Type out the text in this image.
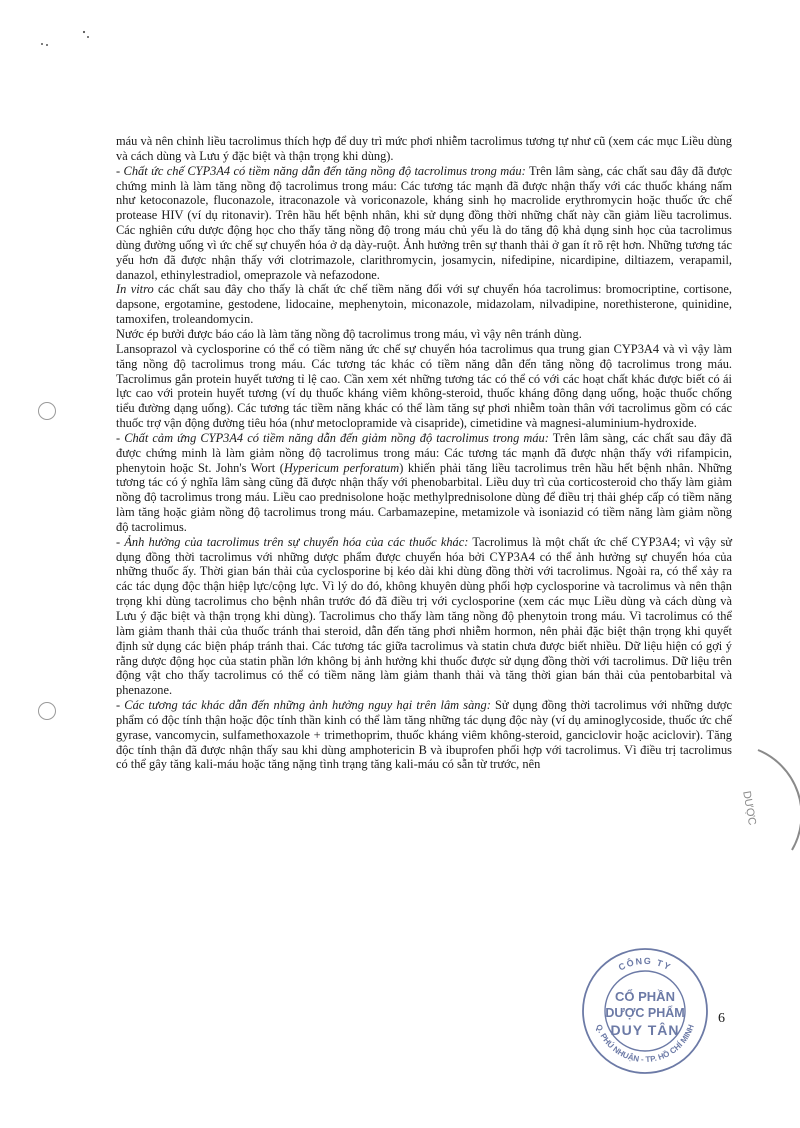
máu và nên chỉnh liều tacrolimus thích hợp để duy trì mức phơi nhiễm tacrolimus tương tự như cũ (xem các mục Liều dùng và cách dùng và Lưu ý đặc biệt và thận trọng khi dùng).

- Chất ức chế CYP3A4 có tiềm năng dẫn đến tăng nồng độ tacrolimus trong máu: Trên lâm sàng, các chất sau đây đã được chứng minh là làm tăng nồng độ tacrolimus trong máu: Các tương tác mạnh đã được nhận thấy với các thuốc kháng nấm như ketoconazole, fluconazole, itraconazole và voriconazole, kháng sinh họ macrolide erythromycin hoặc thuốc ức chế protease HIV (ví dụ ritonavir). Trên hầu hết bệnh nhân, khi sử dụng đồng thời những chất này cần giảm liều tacrolimus. Các nghiên cứu dược động học cho thấy tăng nồng độ trong máu chủ yếu là do tăng độ khả dụng sinh học của tacrolimus dùng đường uống vì ức chế sự chuyển hóa ở dạ dày-ruột. Ảnh hưởng trên sự thanh thải ở gan ít rõ rệt hơn. Những tương tác yếu hơn đã được nhận thấy với clotrimazole, clarithromycin, josamycin, nifedipine, nicardipine, diltiazem, verapamil, danazol, ethinylestradiol, omeprazole và nefazodone.

In vitro các chất sau đây cho thấy là chất ức chế tiềm năng đối với sự chuyển hóa tacrolimus: bromocriptine, cortisone, dapsone, ergotamine, gestodene, lidocaine, mephenytoin, miconazole, midazolam, nilvadipine, norethisterone, quinidine, tamoxifen, troleandomycin.

Nước ép bưởi được báo cáo là làm tăng nồng độ tacrolimus trong máu, vì vậy nên tránh dùng.

Lansoprazol và cyclosporine có thể có tiềm năng ức chế sự chuyển hóa tacrolimus qua trung gian CYP3A4 và vì vậy làm tăng nồng độ tacrolimus trong máu. Các tương tác khác có tiềm năng dẫn đến tăng nồng độ tacrolimus trong máu. Tacrolimus gắn protein huyết tương tỉ lệ cao. Cần xem xét những tương tác có thể có với các hoạt chất khác được biết có ái lực cao với protein huyết tương (ví dụ thuốc kháng viêm không-steroid, thuốc kháng đông dạng uống, hoặc thuốc chống tiểu đường dạng uống). Các tương tác tiềm năng khác có thể làm tăng sự phơi nhiễm toàn thân với tacrolimus gồm có các thuốc trợ vận động đường tiêu hóa (như metoclopramide và cisapride), cimetidine và magnesi-aluminium-hydroxide.

- Chất cảm ứng CYP3A4 có tiềm năng dẫn đến giảm nồng độ tacrolimus trong máu: Trên lâm sàng, các chất sau đây đã được chứng minh là làm giảm nồng độ tacrolimus trong máu: Các tương tác mạnh đã được nhận thấy với rifampicin, phenytoin hoặc St. John's Wort (Hypericum perforatum) khiến phải tăng liều tacrolimus trên hầu hết bệnh nhân. Những tương tác có ý nghĩa lâm sàng cũng đã được nhận thấy với phenobarbital. Liều duy trì của corticosteroid cho thấy làm giảm nồng độ tacrolimus trong máu. Liều cao prednisolone hoặc methylprednisolone dùng để điều trị thải ghép cấp có tiềm năng làm tăng hoặc giảm nồng độ tacrolimus trong máu. Carbamazepine, metamizole và isoniazid có tiềm năng làm giảm nồng độ tacrolimus.

- Ảnh hưởng của tacrolimus trên sự chuyển hóa của các thuốc khác: Tacrolimus là một chất ức chế CYP3A4; vì vậy sử dụng đồng thời tacrolimus với những dược phẩm được chuyển hóa bởi CYP3A4 có thể ảnh hưởng sự chuyển hóa của những thuốc ấy. Thời gian bán thải của cyclosporine bị kéo dài khi dùng đồng thời với tacrolimus. Ngoài ra, có thể xảy ra các tác dụng độc thận hiệp lực/cộng lực. Vì lý do đó, không khuyên dùng phối hợp cyclosporine và tacrolimus và nên thận trọng khi dùng tacrolimus cho bệnh nhân trước đó đã điều trị với cyclosporine (xem các mục Liều dùng và cách dùng và Lưu ý đặc biệt và thận trọng khi dùng). Tacrolimus cho thấy làm tăng nồng độ phenytoin trong máu. Vì tacrolimus có thể làm giảm thanh thải của thuốc tránh thai steroid, dẫn đến tăng phơi nhiễm hormon, nên phải đặc biệt thận trọng khi quyết định sử dụng các biện pháp tránh thai. Các tương tác giữa tacrolimus và statin chưa được biết nhiều. Dữ liệu hiện có gợi ý rằng dược động học của statin phần lớn không bị ảnh hưởng khi thuốc được sử dụng đồng thời với tacrolimus. Dữ liệu trên động vật cho thấy tacrolimus có thể có tiềm năng làm giảm thanh thải và tăng thời gian bán thải của pentobarbital và phenazone.

- Các tương tác khác dẫn đến những ảnh hưởng nguy hại trên lâm sàng: Sử dụng đồng thời tacrolimus với những dược phẩm có độc tính thận hoặc độc tính thần kinh có thể làm tăng những tác dụng độc này (ví dụ aminoglycoside, thuốc ức chế gyrase, vancomycin, sulfamethoxazole + trimethoprim, thuốc kháng viêm không-steroid, ganciclovir hoặc aciclovir). Tăng độc tính thận đã được nhận thấy sau khi dùng amphotericin B và ibuprofen phối hợp với tacrolimus. Vì điều trị tacrolimus có thể gây tăng kali-máu hoặc tăng nặng tình trạng tăng kali-máu có sẵn từ trước, nên

6
CÔNG TY
Q. PHÚ NHUẬN - TP. HỒ CHÍ MINH
CỔ PHẦN
DƯỢC PHẨM
DUY TÂN
DƯỢC
